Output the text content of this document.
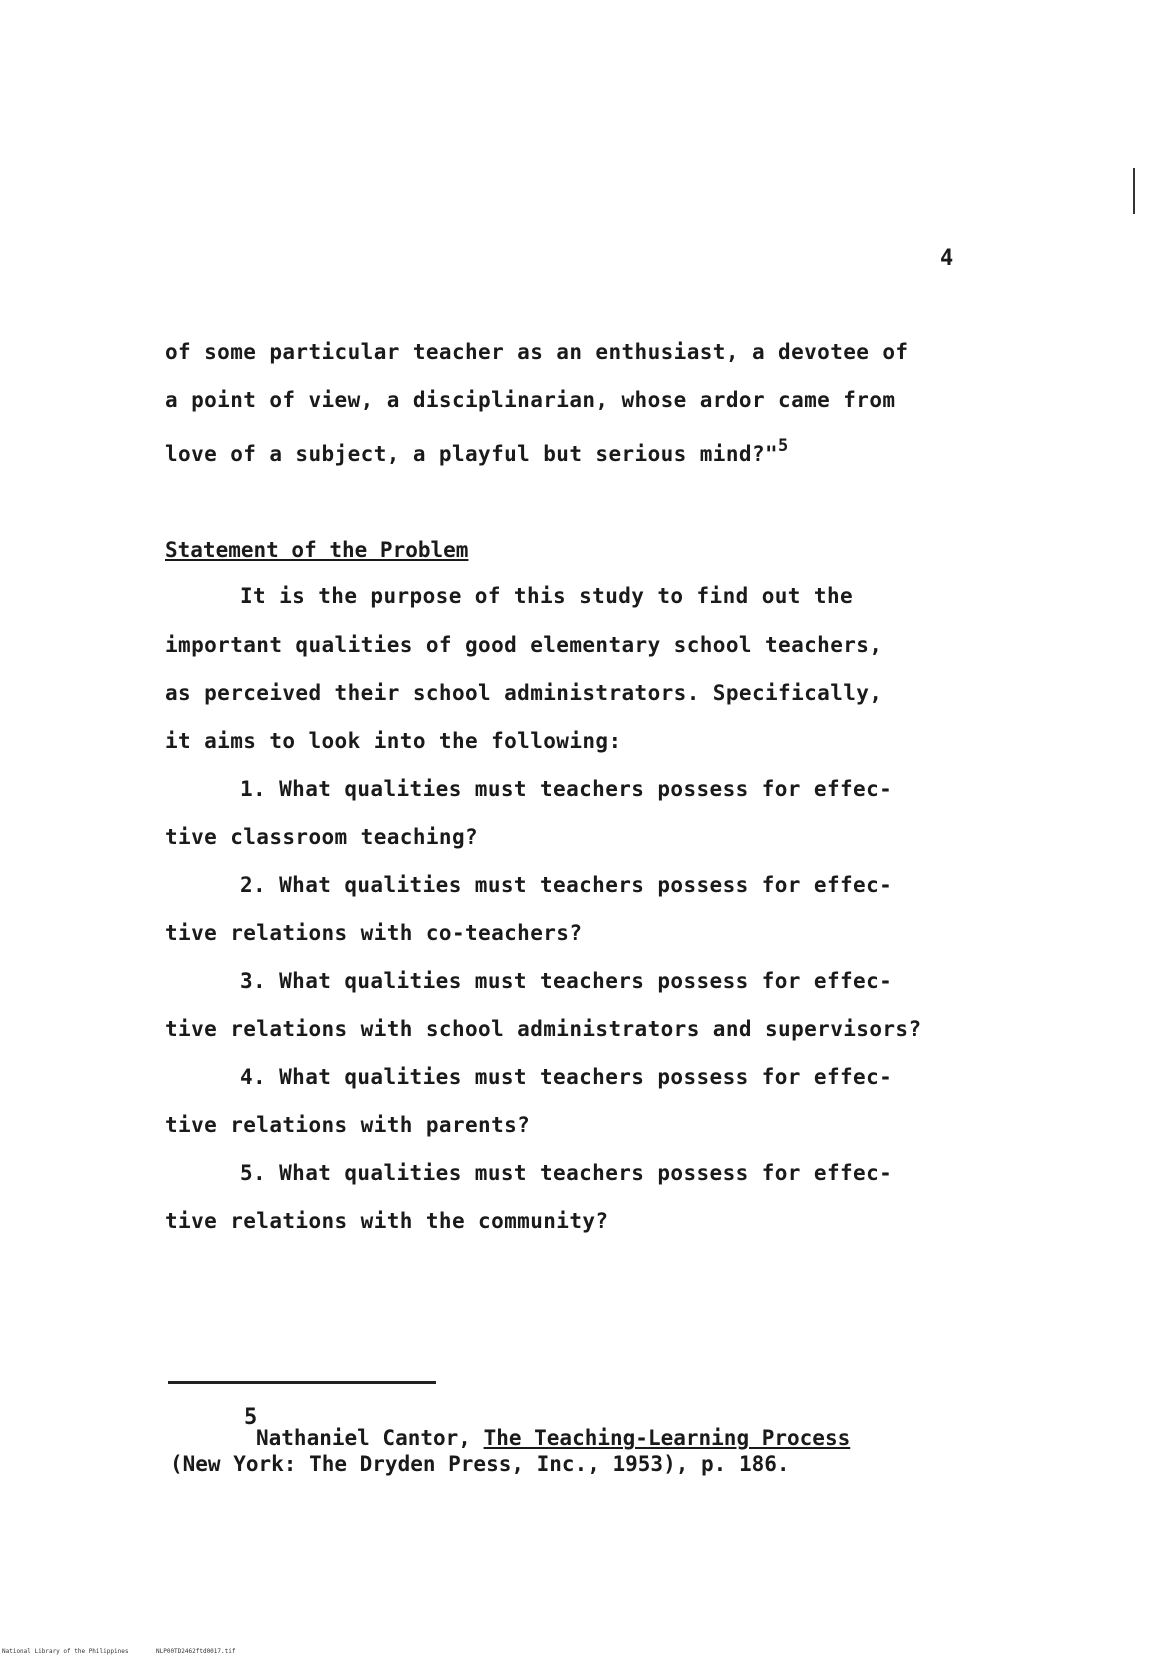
4
of some particular teacher as an enthusiast, a devotee of
a point of view, a disciplinarian, whose ardor came from
love of a subject, a playful but serious mind?"$^5$
Statement of the Problem
It is the purpose of this study to find out the
important qualities of good elementary school teachers,
as perceived their school administrators. Specifically,
it aims to look into the following:
1. What qualities must teachers possess for effec-
tive classroom teaching?
2. What qualities must teachers possess for effec-
tive relations with co-teachers?
3. What qualities must teachers possess for effec-
tive relations with school administrators and supervisors?
4. What qualities must teachers possess for effec-
tive relations with parents?
5. What qualities must teachers possess for effec-
tive relations with the community?
5
Nathaniel Cantor, The Teaching-Learning Process
(New York: The Dryden Press, Inc., 1953), p. 186.
National Library of the Philippines	NLP00TD2462ftd0017.tif
